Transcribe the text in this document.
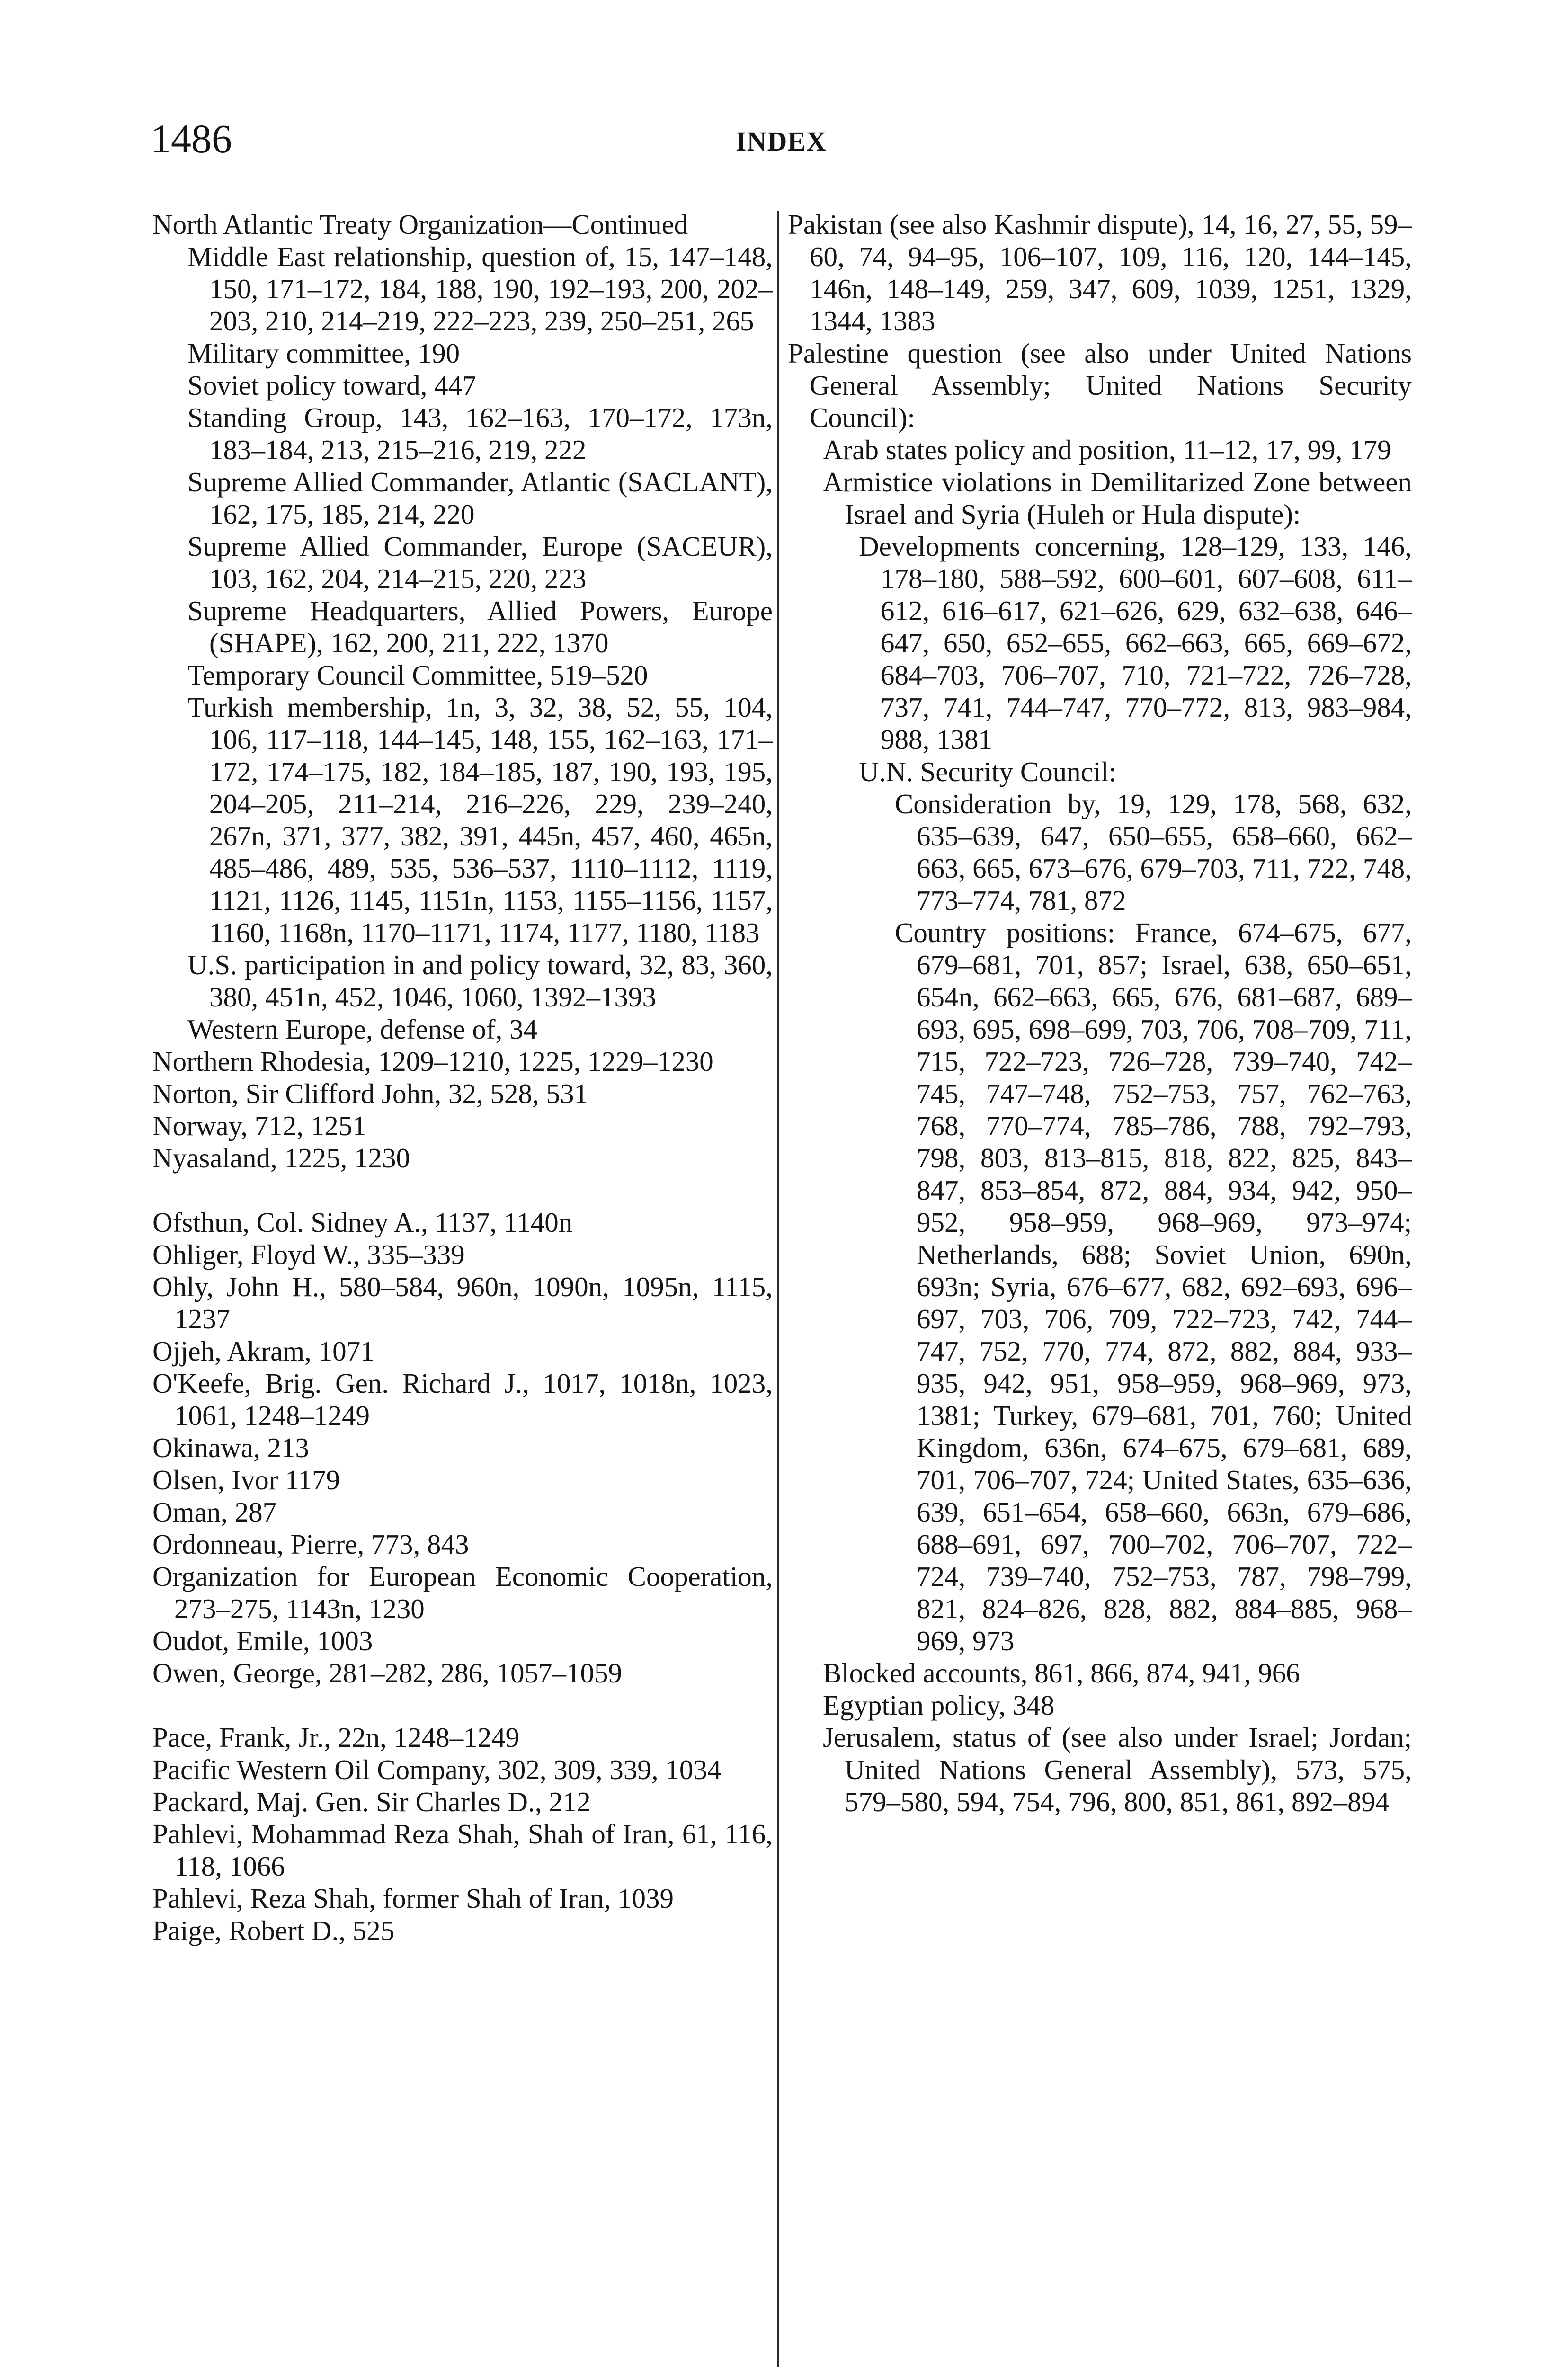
1486	INDEX
North Atlantic Treaty Organization—Continued
Middle East relationship, question of, 15, 147–148, 150, 171–172, 184, 188, 190, 192–193, 200, 202–203, 210, 214–219, 222–223, 239, 250–251, 265
Military committee, 190
Soviet policy toward, 447
Standing Group, 143, 162–163, 170–172, 173n, 183–184, 213, 215–216, 219, 222
Supreme Allied Commander, Atlantic (SACLANT), 162, 175, 185, 214, 220
Supreme Allied Commander, Europe (SACEUR), 103, 162, 204, 214–215, 220, 223
Supreme Headquarters, Allied Powers, Europe (SHAPE), 162, 200, 211, 222, 1370
Temporary Council Committee, 519–520
Turkish membership, 1n, 3, 32, 38, 52, 55, 104, 106, 117–118, 144–145, 148, 155, 162–163, 171–172, 174–175, 182, 184–185, 187, 190, 193, 195, 204–205, 211–214, 216–226, 229, 239–240, 267n, 371, 377, 382, 391, 445n, 457, 460, 465n, 485–486, 489, 535, 536–537, 1110–1112, 1119, 1121, 1126, 1145, 1151n, 1153, 1155–1156, 1157, 1160, 1168n, 1170–1171, 1174, 1177, 1180, 1183
U.S. participation in and policy toward, 32, 83, 360, 380, 451n, 452, 1046, 1060, 1392–1393
Western Europe, defense of, 34
Northern Rhodesia, 1209–1210, 1225, 1229–1230
Norton, Sir Clifford John, 32, 528, 531
Norway, 712, 1251
Nyasaland, 1225, 1230
Ofsthun, Col. Sidney A., 1137, 1140n
Ohliger, Floyd W., 335–339
Ohly, John H., 580–584, 960n, 1090n, 1095n, 1115, 1237
Ojjeh, Akram, 1071
O'Keefe, Brig. Gen. Richard J., 1017, 1018n, 1023, 1061, 1248–1249
Okinawa, 213
Olsen, Ivor 1179
Oman, 287
Ordonneau, Pierre, 773, 843
Organization for European Economic Cooperation, 273–275, 1143n, 1230
Oudot, Emile, 1003
Owen, George, 281–282, 286, 1057–1059
Pace, Frank, Jr., 22n, 1248–1249
Pacific Western Oil Company, 302, 309, 339, 1034
Packard, Maj. Gen. Sir Charles D., 212
Pahlevi, Mohammad Reza Shah, Shah of Iran, 61, 116, 118, 1066
Pahlevi, Reza Shah, former Shah of Iran, 1039
Paige, Robert D., 525
Pakistan (see also Kashmir dispute), 14, 16, 27, 55, 59–60, 74, 94–95, 106–107, 109, 116, 120, 144–145, 146n, 148–149, 259, 347, 609, 1039, 1251, 1329, 1344, 1383
Palestine question (see also under United Nations General Assembly; United Nations Security Council):
Arab states policy and position, 11–12, 17, 99, 179
Armistice violations in Demilitarized Zone between Israel and Syria (Huleh or Hula dispute):
Developments concerning, 128–129, 133, 146, 178–180, 588–592, 600–601, 607–608, 611–612, 616–617, 621–626, 629, 632–638, 646–647, 650, 652–655, 662–663, 665, 669–672, 684–703, 706–707, 710, 721–722, 726–728, 737, 741, 744–747, 770–772, 813, 983–984, 988, 1381
U.N. Security Council:
Consideration by, 19, 129, 178, 568, 632, 635–639, 647, 650–655, 658–660, 662–663, 665, 673–676, 679–703, 711, 722, 748, 773–774, 781, 872
Country positions: France, 674–675, 677, 679–681, 701, 857; Israel, 638, 650–651, 654n, 662–663, 665, 676, 681–687, 689–693, 695, 698–699, 703, 706, 708–709, 711, 715, 722–723, 726–728, 739–740, 742–745, 747–748, 752–753, 757, 762–763, 768, 770–774, 785–786, 788, 792–793, 798, 803, 813–815, 818, 822, 825, 843–847, 853–854, 872, 884, 934, 942, 950–952, 958–959, 968–969, 973–974; Netherlands, 688; Soviet Union, 690n, 693n; Syria, 676–677, 682, 692–693, 696–697, 703, 706, 709, 722–723, 742, 744–747, 752, 770, 774, 872, 882, 884, 933–935, 942, 951, 958–959, 968–969, 973, 1381; Turkey, 679–681, 701, 760; United Kingdom, 636n, 674–675, 679–681, 689, 701, 706–707, 724; United States, 635–636, 639, 651–654, 658–660, 663n, 679–686, 688–691, 697, 700–702, 706–707, 722–724, 739–740, 752–753, 787, 798–799, 821, 824–826, 828, 882, 884–885, 968–969, 973
Blocked accounts, 861, 866, 874, 941, 966
Egyptian policy, 348
Jerusalem, status of (see also under Israel; Jordan; United Nations General Assembly), 573, 575, 579–580, 594, 754, 796, 800, 851, 861, 892–894
